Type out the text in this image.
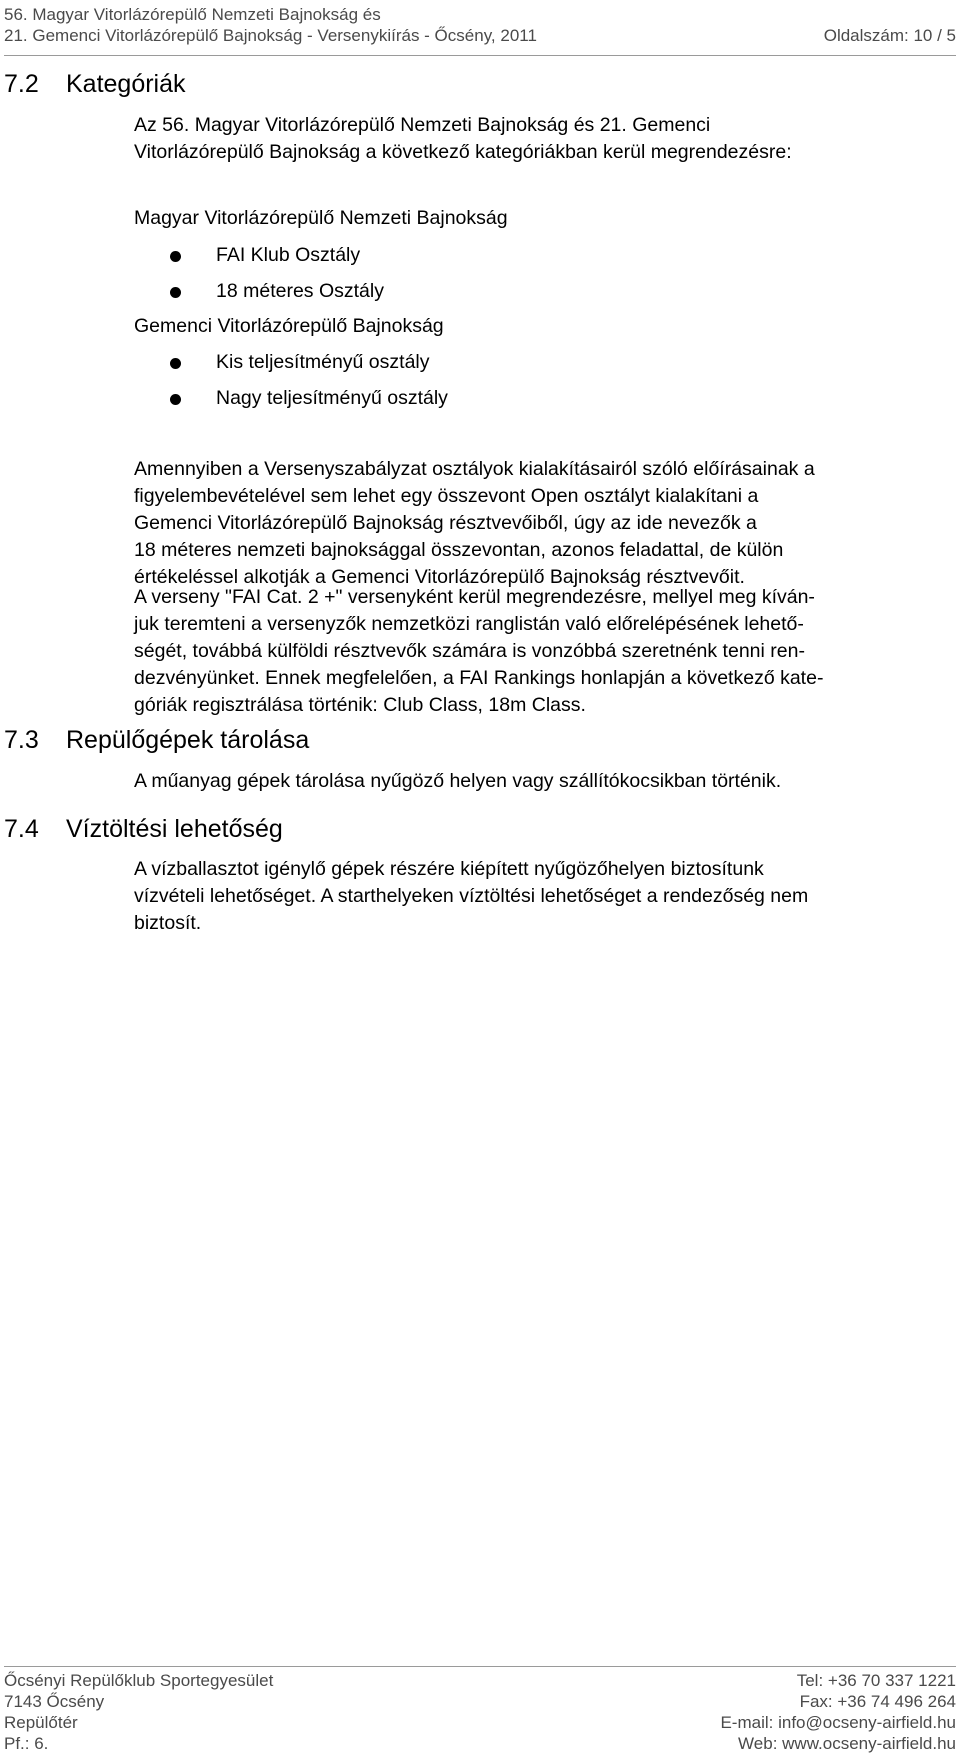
56. Magyar Vitorlázórepülő Nemzeti Bajnokság és
21. Gemenci Vitorlázórepülő Bajnokság - Versenykiírás - Őcsény, 2011	Oldalszám: 10 / 5
7.2 Kategóriák
Az 56. Magyar Vitorlázórepülő Nemzeti Bajnokság és 21. Gemenci
Vitorlázórepülő Bajnokság a következő kategóriákban kerül megrendezésre:
Magyar Vitorlázórepülő Nemzeti Bajnokság
FAI Klub Osztály
18 méteres Osztály
Gemenci Vitorlázórepülő Bajnokság
Kis teljesítményű osztály
Nagy teljesítményű osztály
Amennyiben a Versenyszabályzat osztályok kialakításairól szóló előírásainak a
figyelembevételével sem lehet egy összevont Open osztályt kialakítani a
Gemenci Vitorlázórepülő Bajnokság résztvevőiből, úgy az ide nevezők a
18 méteres nemzeti bajnoksággal összevontan, azonos feladattal, de külön
értékeléssel alkotják a Gemenci Vitorlázórepülő Bajnokság résztvevőit.
A verseny "FAI Cat. 2 +" versenyként kerül megrendezésre, mellyel meg kíván-
juk teremteni a versenyzők nemzetközi ranglistán való előrelépésének lehető-
ségét, továbbá külföldi résztvevők számára is vonzóbbá szeretnénk tenni ren-
dezvényünket. Ennek megfelelően, a FAI Rankings honlapján a következő kate-
góriák regisztrálása történik: Club Class, 18m Class.
7.3 Repülőgépek tárolása
A műanyag gépek tárolása nyűgöző helyen vagy szállítókocsikban történik.
7.4 Víztöltési lehetőség
A vízballasztot igénylő gépek részére kiépített nyűgözőhelyen biztosítunk
vízvételi lehetőséget. A starthelyeken víztöltési lehetőséget a rendezőség nem
biztosít.
Őcsényi Repülőklub Sportegyesület
7143 Őcsény
Repülőtér
Pf.: 6.
Tel: +36 70 337 1221
Fax: +36 74 496 264
E-mail: info@ocseny-airfield.hu
Web: www.ocseny-airfield.hu
